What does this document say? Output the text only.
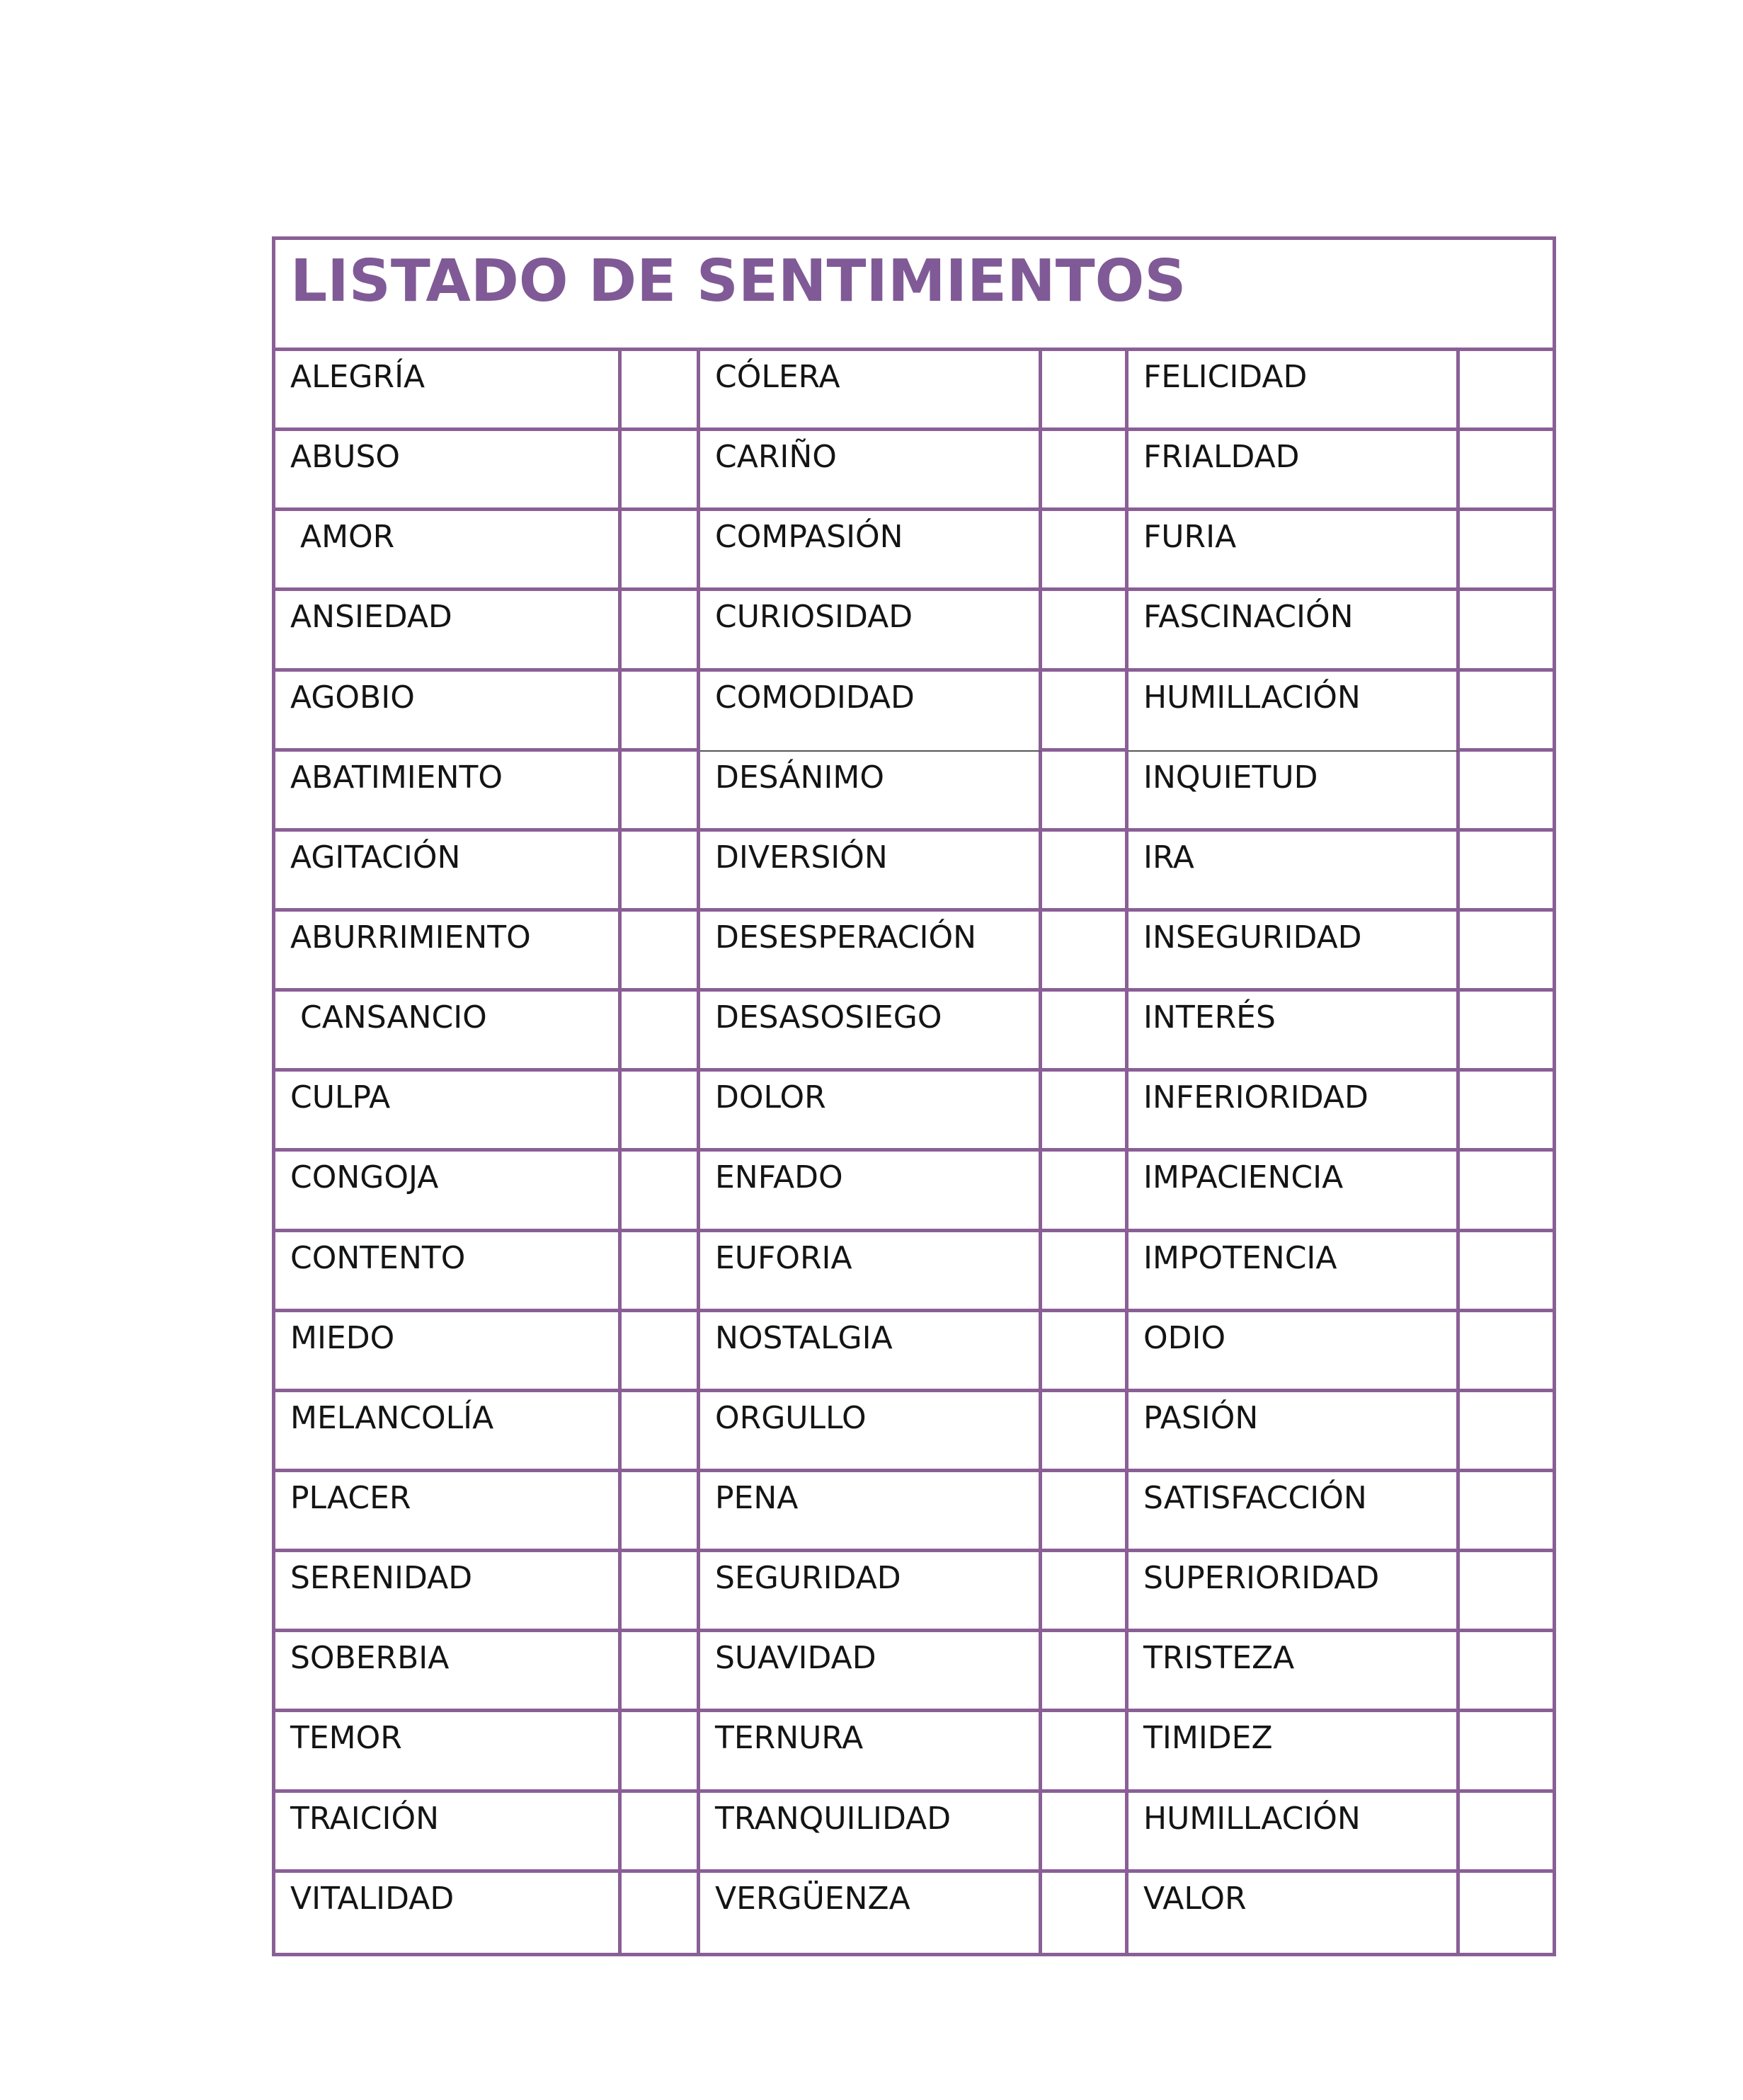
LISTADO DE SENTIMIENTOS
ALEGRÍA	CÓLERA	FELICIDAD
ABUSO	CARIÑO	FRIALDAD
AMOR	COMPASIÓN	FURIA
ANSIEDAD	CURIOSIDAD	FASCINACIÓN
AGOBIO	COMODIDAD	HUMILLACIÓN
ABATIMIENTO	DESÁNIMO	INQUIETUD
AGITACIÓN	DIVERSIÓN	IRA
ABURRIMIENTO	DESESPERACIÓN	INSEGURIDAD
CANSANCIO	DESASOSIEGO	INTERÉS
CULPA	DOLOR	INFERIORIDAD
CONGOJA	ENFADO	IMPACIENCIA
CONTENTO	EUFORIA	IMPOTENCIA
MIEDO	NOSTALGIA	ODIO
MELANCOLÍA	ORGULLO	PASIÓN
PLACER	PENA	SATISFACCIÓN
SERENIDAD	SEGURIDAD	SUPERIORIDAD
SOBERBIA	SUAVIDAD	TRISTEZA
TEMOR	TERNURA	TIMIDEZ
TRAICIÓN	TRANQUILIDAD	HUMILLACIÓN
VITALIDAD	VERGÜENZA	VALOR
